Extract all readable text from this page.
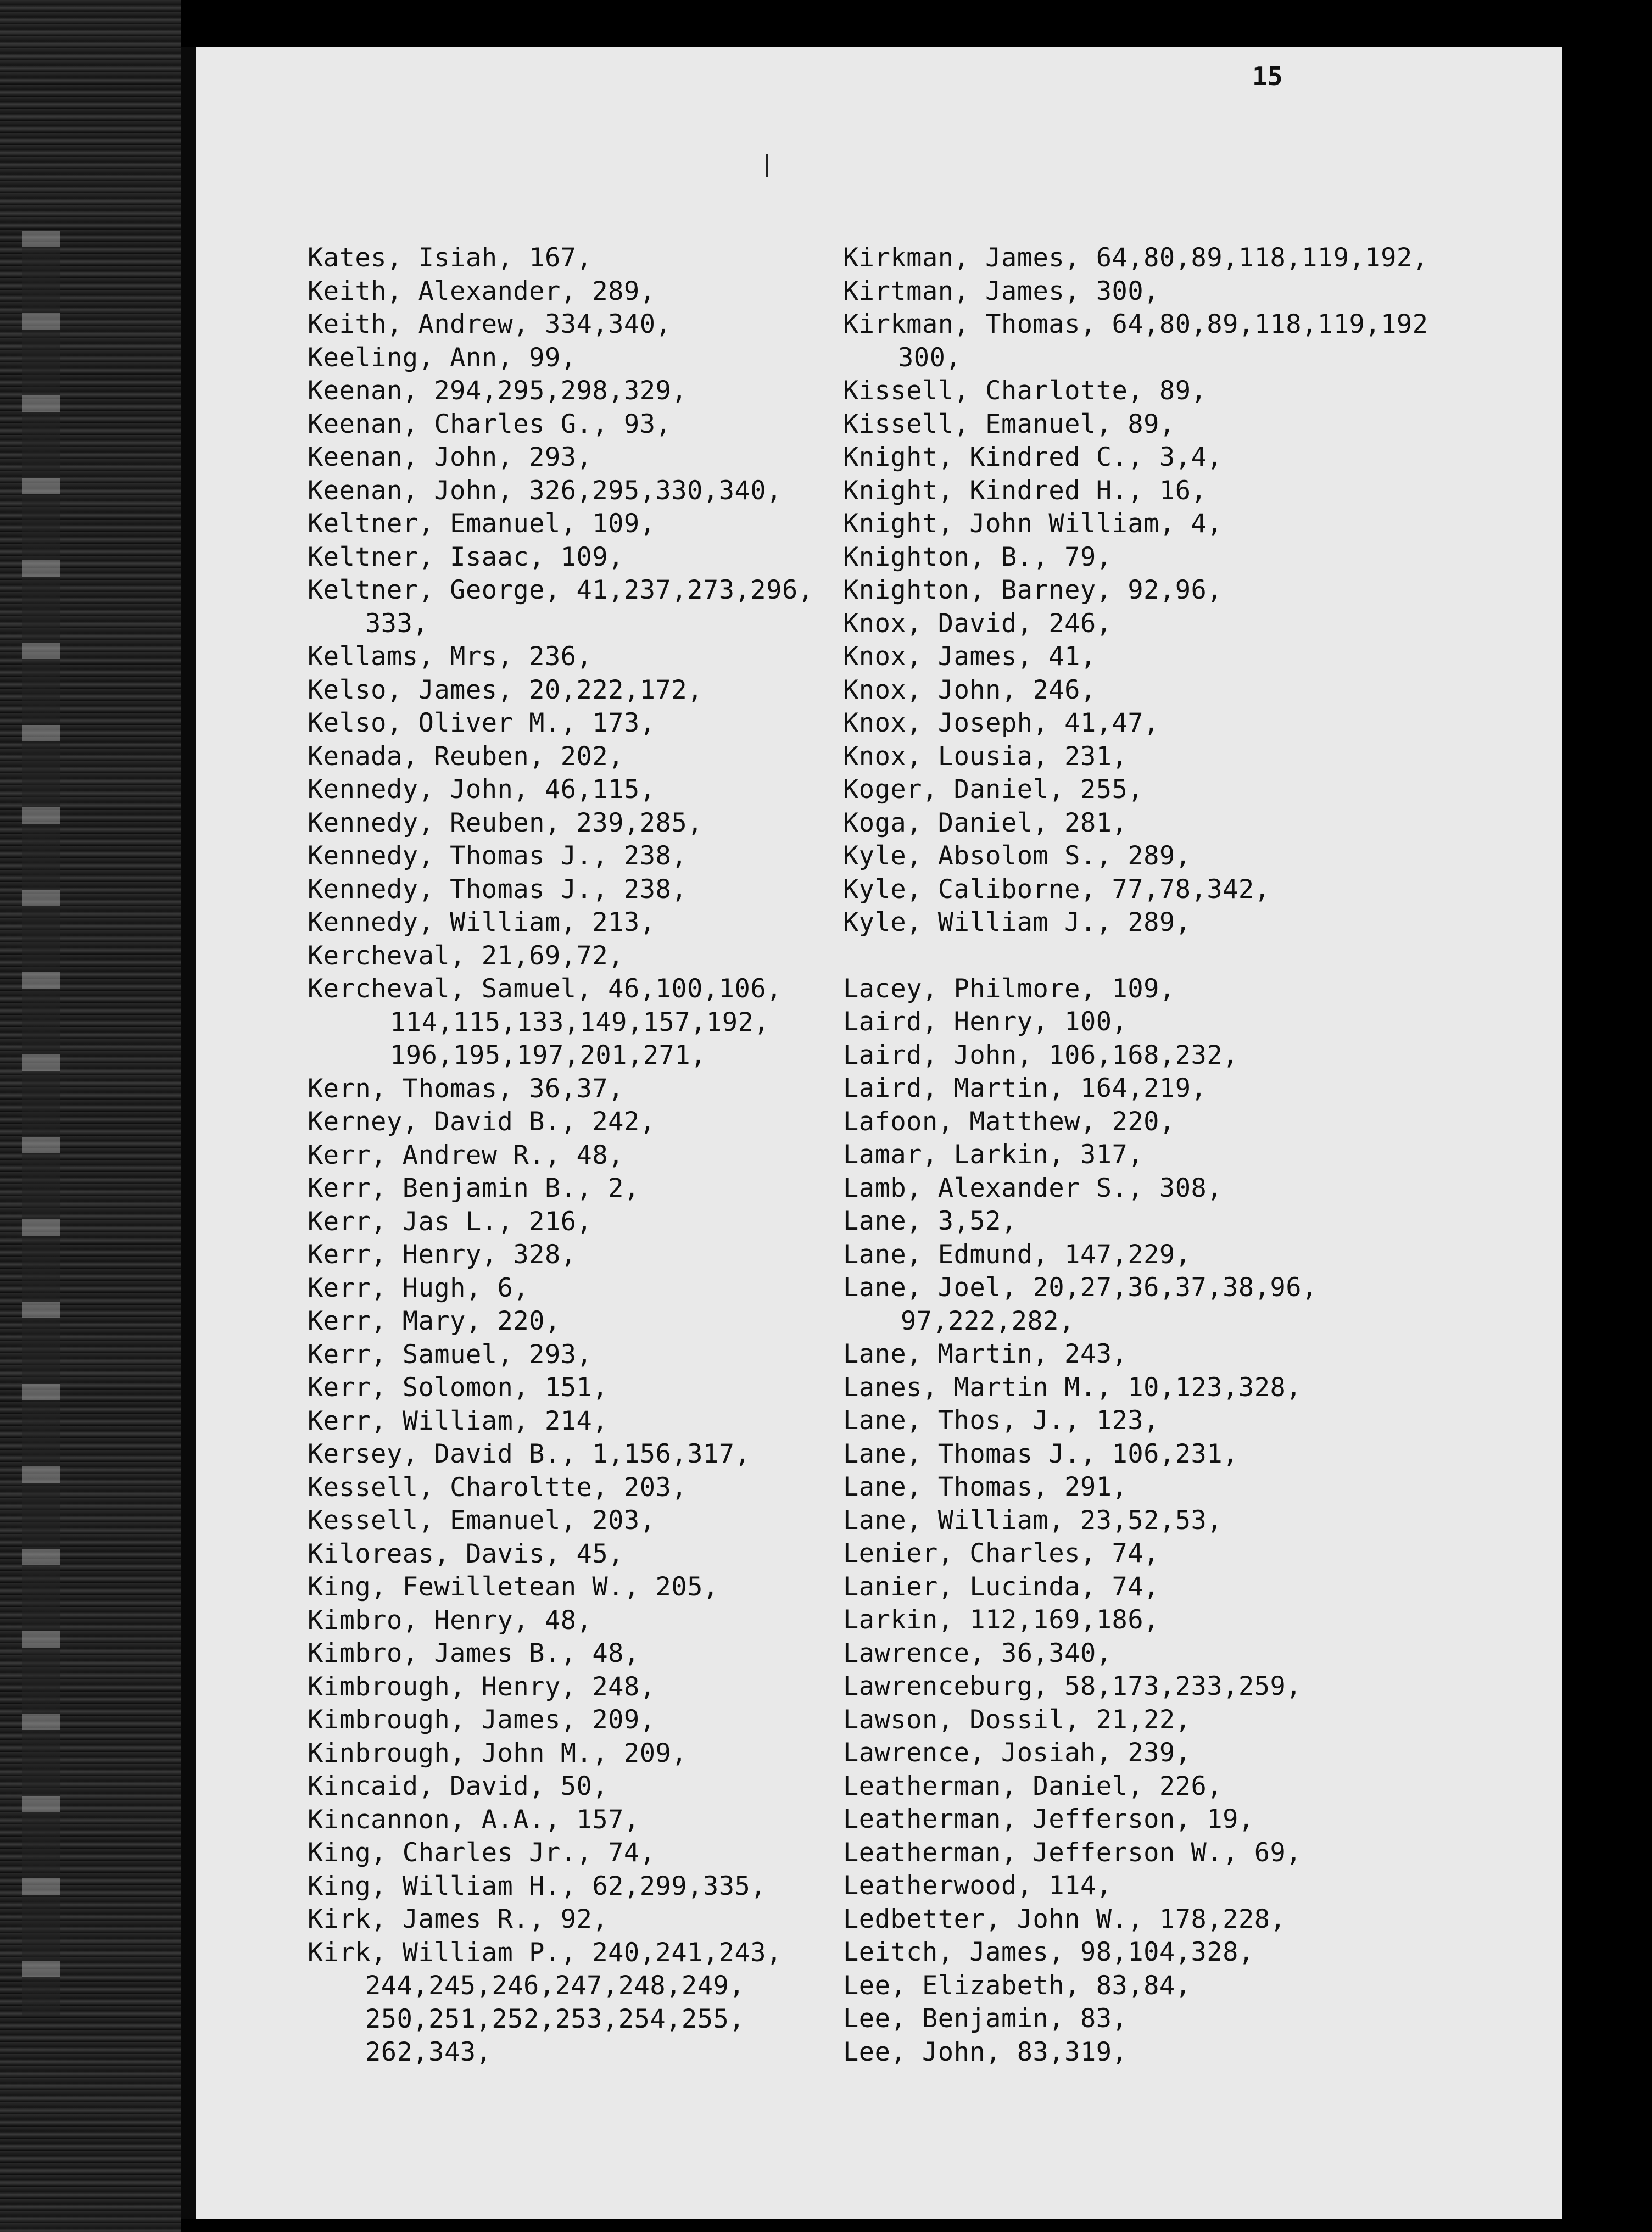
15
Kates, Isiah, 167,
Keith, Alexander, 289,
Keith, Andrew, 334,340,
Keeling, Ann, 99,
Keenan, 294,295,298,329,
Keenan, Charles G., 93,
Keenan, John, 293,
Keenan, John, 326,295,330,340,
Keltner, Emanuel, 109,
Keltner, Isaac, 109,
Keltner, George, 41,237,273,296,
333,
Kellams, Mrs, 236,
Kelso, James, 20,222,172,
Kelso, Oliver M., 173,
Kenada, Reuben, 202,
Kennedy, John, 46,115,
Kennedy, Reuben, 239,285,
Kennedy, Thomas J., 238,
Kennedy, Thomas J., 238,
Kennedy, William, 213,
Kercheval, 21,69,72,
Kercheval, Samuel, 46,100,106,
114,115,133,149,157,192,
196,195,197,201,271,
Kern, Thomas, 36,37,
Kerney, David B., 242,
Kerr, Andrew R., 48,
Kerr, Benjamin B., 2,
Kerr, Jas L., 216,
Kerr, Henry, 328,
Kerr, Hugh, 6,
Kerr, Mary, 220,
Kerr, Samuel, 293,
Kerr, Solomon, 151,
Kerr, William, 214,
Kersey, David B., 1,156,317,
Kessell, Charoltte, 203,
Kessell, Emanuel, 203,
Kiloreas, Davis, 45,
King, Fewilletean W., 205,
Kimbro, Henry, 48,
Kimbro, James B., 48,
Kimbrough, Henry, 248,
Kimbrough, James, 209,
Kinbrough, John M., 209,
Kincaid, David, 50,
Kincannon, A.A., 157,
King, Charles Jr., 74,
King, William H., 62,299,335,
Kirk, James R., 92,
Kirk, William P., 240,241,243,
244,245,246,247,248,249,
250,251,252,253,254,255,
262,343,
Kirkman, James, 64,80,89,118,119,192,
Kirtman, James, 300,
Kirkman, Thomas, 64,80,89,118,119,192
300,
Kissell, Charlotte, 89,
Kissell, Emanuel, 89,
Knight, Kindred C., 3,4,
Knight, Kindred H., 16,
Knight, John William, 4,
Knighton, B., 79,
Knighton, Barney, 92,96,
Knox, David, 246,
Knox, James, 41,
Knox, John, 246,
Knox, Joseph, 41,47,
Knox, Lousia, 231,
Koger, Daniel, 255,
Koga, Daniel, 281,
Kyle, Absolom S., 289,
Kyle, Caliborne, 77,78,342,
Kyle, William J., 289,
Lacey, Philmore, 109,
Laird, Henry, 100,
Laird, John, 106,168,232,
Laird, Martin, 164,219,
Lafoon, Matthew, 220,
Lamar, Larkin, 317,
Lamb, Alexander S., 308,
Lane, 3,52,
Lane, Edmund, 147,229,
Lane, Joel, 20,27,36,37,38,96,
97,222,282,
Lane, Martin, 243,
Lanes, Martin M., 10,123,328,
Lane, Thos, J., 123,
Lane, Thomas J., 106,231,
Lane, Thomas, 291,
Lane, William, 23,52,53,
Lenier, Charles, 74,
Lanier, Lucinda, 74,
Larkin, 112,169,186,
Lawrence, 36,340,
Lawrenceburg, 58,173,233,259,
Lawson, Dossil, 21,22,
Lawrence, Josiah, 239,
Leatherman, Daniel, 226,
Leatherman, Jefferson, 19,
Leatherman, Jefferson W., 69,
Leatherwood, 114,
Ledbetter, John W., 178,228,
Leitch, James, 98,104,328,
Lee, Elizabeth, 83,84,
Lee, Benjamin, 83,
Lee, John, 83,319,
